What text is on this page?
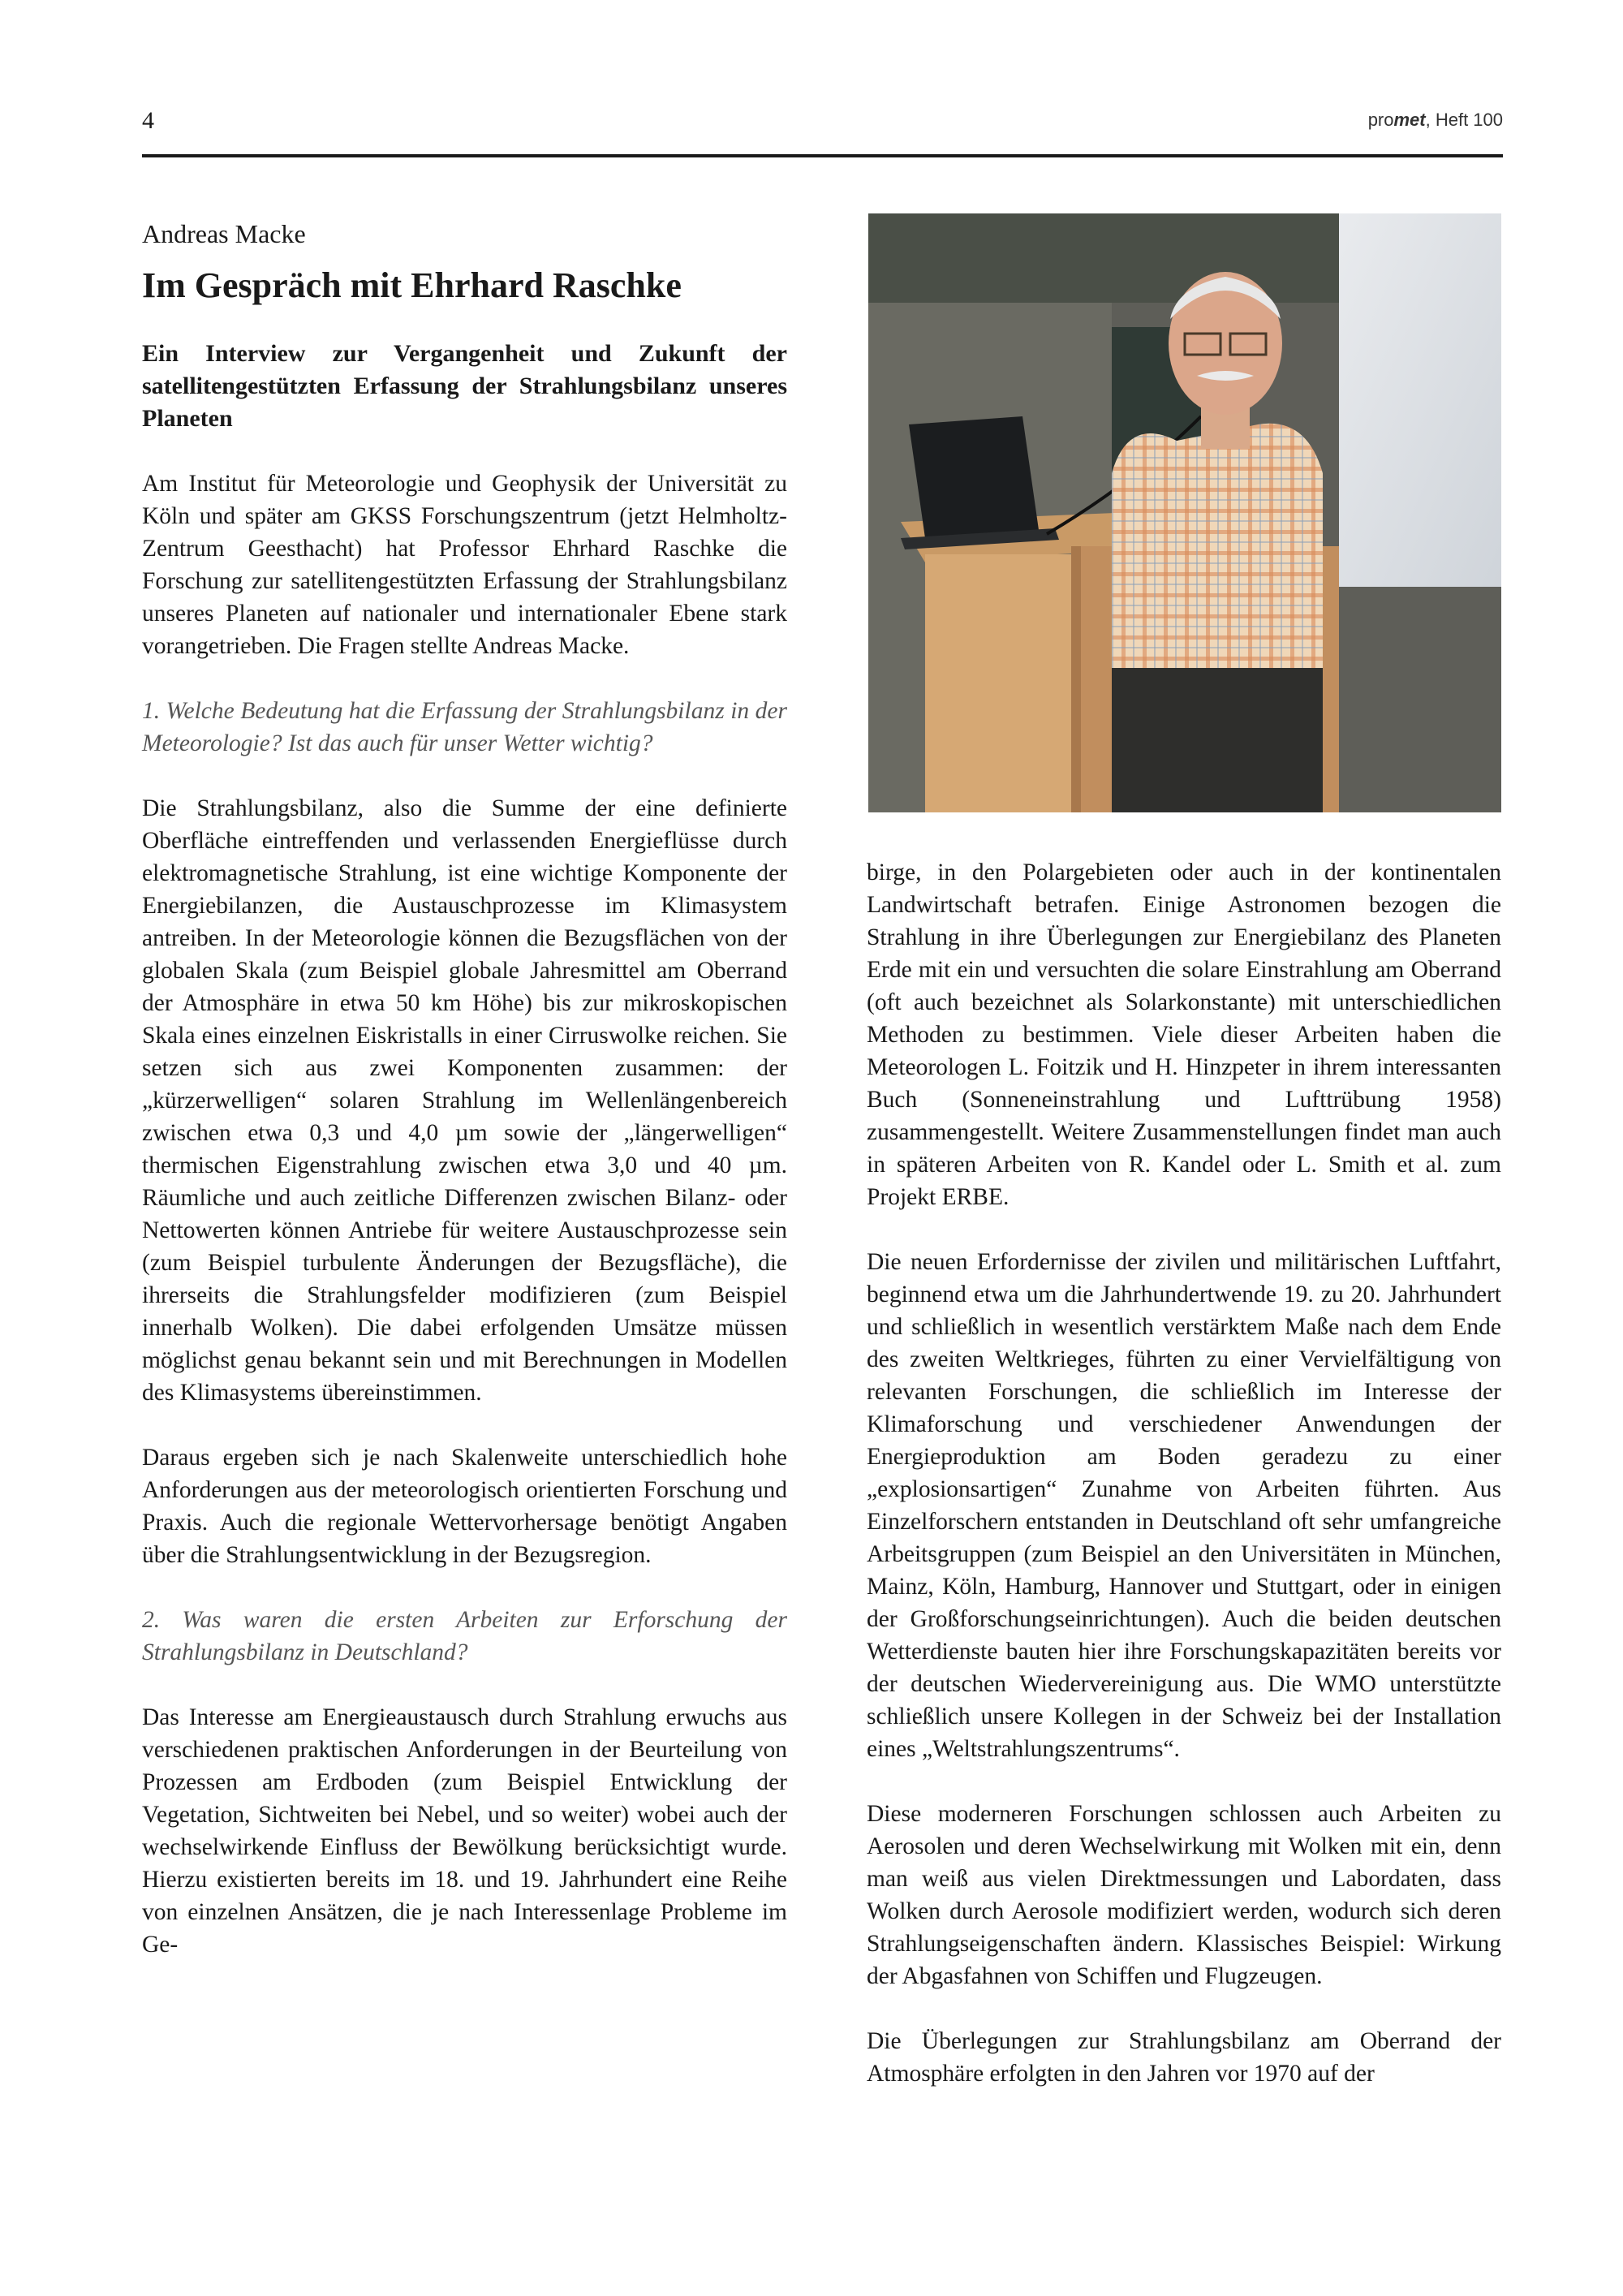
4	promet, Heft 100
Andreas Macke
Im Gespräch mit Ehrhard Raschke
Ein Interview zur Vergangenheit und Zukunft der satellitengestützten Erfassung der Strahlungsbilanz unseres Planeten

Am Institut für Meteorologie und Geophysik der Universität zu Köln und später am GKSS Forschungszentrum (jetzt Helmholtz-Zentrum Geesthacht) hat Professor Ehrhard Raschke die Forschung zur satellitengestützten Erfassung der Strahlungsbilanz unseres Planeten auf nationaler und internationaler Ebene stark vorangetrieben. Die Fragen stellte Andreas Macke.

1. Welche Bedeutung hat die Erfassung der Strahlungsbilanz in der Meteorologie? Ist das auch für unser Wetter wichtig?

Die Strahlungsbilanz, also die Summe der eine definierte Oberfläche eintreffenden und verlassenden Energieflüsse durch elektromagnetische Strahlung, ist eine wichtige Komponente der Energiebilanzen, die Austauschprozesse im Klimasystem antreiben. In der Meteorologie können die Bezugsflächen von der globalen Skala (zum Beispiel globale Jahresmittel am Oberrand der Atmosphäre in etwa 50 km Höhe) bis zur mikroskopischen Skala eines einzelnen Eiskristalls in einer Cirruswolke reichen. Sie setzen sich aus zwei Komponenten zusammen: der „kürzerwelligen“ solaren Strahlung im Wellenlängenbereich zwischen etwa 0,3 und 4,0 µm sowie der „längerwelligen“ thermischen Eigenstrahlung zwischen etwa 3,0 und 40 µm. Räumliche und auch zeitliche Differenzen zwischen Bilanz- oder Nettowerten können Antriebe für weitere Austauschprozesse sein (zum Beispiel turbulente Änderungen der Bezugsfläche), die ihrerseits die Strahlungsfelder modifizieren (zum Beispiel innerhalb Wolken). Die dabei erfolgenden Umsätze müssen möglichst genau bekannt sein und mit Berechnungen in Modellen des Klimasystems übereinstimmen.

Daraus ergeben sich je nach Skalenweite unterschiedlich hohe Anforderungen aus der meteorologisch orientierten Forschung und Praxis. Auch die regionale Wettervorhersage benötigt Angaben über die Strahlungsentwicklung in der Bezugsregion.

2. Was waren die ersten Arbeiten zur Erforschung der Strahlungsbilanz in Deutschland?

Das Interesse am Energieaustausch durch Strahlung erwuchs aus verschiedenen praktischen Anforderungen in der Beurteilung von Prozessen am Erdboden (zum Beispiel Entwicklung der Vegetation, Sichtweiten bei Nebel, und so weiter) wobei auch der wechselwirkende Einfluss der Bewölkung berücksichtigt wurde. Hierzu existierten bereits im 18. und 19. Jahrhundert eine Reihe von einzelnen Ansätzen, die je nach Interessenlage Probleme im Ge-

birge, in den Polargebieten oder auch in der kontinentalen Landwirtschaft betrafen. Einige Astronomen bezogen die Strahlung in ihre Überlegungen zur Energiebilanz des Planeten Erde mit ein und versuchten die solare Einstrahlung am Oberrand (oft auch bezeichnet als Solarkonstante) mit unterschiedlichen Methoden zu bestimmen. Viele dieser Arbeiten haben die Meteorologen L. Foitzik und H. Hinzpeter in ihrem interessanten Buch (Sonneneinstrahlung und Lufttrübung 1958) zusammengestellt. Weitere Zusammenstellungen findet man auch in späteren Arbeiten von R. Kandel oder L. Smith et al. zum Projekt ERBE.

Die neuen Erfordernisse der zivilen und militärischen Luftfahrt, beginnend etwa um die Jahrhundertwende 19. zu 20. Jahrhundert und schließlich in wesentlich verstärktem Maße nach dem Ende des zweiten Weltkrieges, führten zu einer Vervielfältigung von relevanten Forschungen, die schließlich im Interesse der Klimaforschung und verschiedener Anwendungen der Energieproduktion am Boden geradezu zu einer „explosionsartigen“ Zunahme von Arbeiten führten. Aus Einzelforschern entstanden in Deutschland oft sehr umfangreiche Arbeitsgruppen (zum Beispiel an den Universitäten in München, Mainz, Köln, Hamburg, Hannover und Stuttgart, oder in einigen der Großforschungseinrichtungen). Auch die beiden deutschen Wetterdienste bauten hier ihre Forschungskapazitäten bereits vor der deutschen Wiedervereinigung aus. Die WMO unterstützte schließlich unsere Kollegen in der Schweiz bei der Installation eines „Weltstrahlungszentrums“.

Diese moderneren Forschungen schlossen auch Arbeiten zu Aerosolen und deren Wechselwirkung mit Wolken mit ein, denn man weiß aus vielen Direktmessungen und Labordaten, dass Wolken durch Aerosole modifiziert werden, wodurch sich deren Strahlungseigenschaften ändern. Klassisches Beispiel: Wirkung der Abgasfahnen von Schiffen und Flugzeugen.

Die Überlegungen zur Strahlungsbilanz am Oberrand der Atmosphäre erfolgten in den Jahren vor 1970 auf der
